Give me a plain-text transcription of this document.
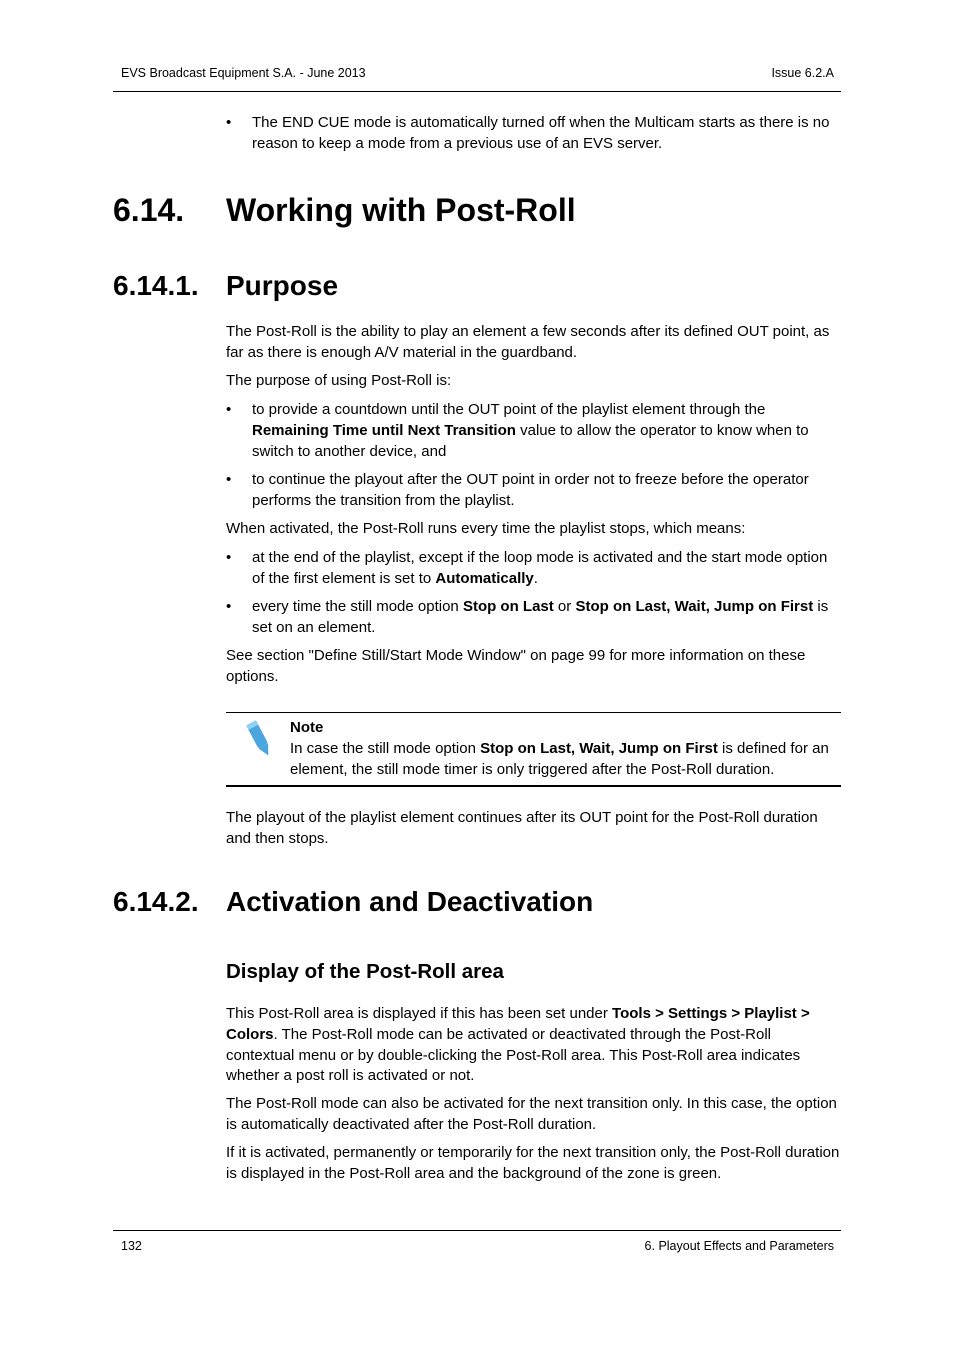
EVS Broadcast Equipment S.A. - June 2013	Issue 6.2.A
• The END CUE mode is automatically turned off when the Multicam starts as there is no reason to keep a mode from a previous use of an EVS server.
6.14. Working with Post-Roll
6.14.1. Purpose
The Post-Roll is the ability to play an element a few seconds after its defined OUT point, as far as there is enough A/V material in the guardband.
The purpose of using Post-Roll is:
• to provide a countdown until the OUT point of the playlist element through the Remaining Time until Next Transition value to allow the operator to know when to switch to another device, and
• to continue the playout after the OUT point in order not to freeze before the operator performs the transition from the playlist.
When activated, the Post-Roll runs every time the playlist stops, which means:
• at the end of the playlist, except if the loop mode is activated and the start mode option of the first element is set to Automatically.
• every time the still mode option Stop on Last or Stop on Last, Wait, Jump on First is set on an element.
See section "Define Still/Start Mode Window" on page 99 for more information on these options.
Note
In case the still mode option Stop on Last, Wait, Jump on First is defined for an element, the still mode timer is only triggered after the Post-Roll duration.
The playout of the playlist element continues after its OUT point for the Post-Roll duration and then stops.
6.14.2. Activation and Deactivation
Display of the Post-Roll area
This Post-Roll area is displayed if this has been set under Tools > Settings > Playlist > Colors. The Post-Roll mode can be activated or deactivated through the Post-Roll contextual menu or by double-clicking the Post-Roll area. This Post-Roll area indicates whether a post roll is activated or not.
The Post-Roll mode can also be activated for the next transition only. In this case, the option is automatically deactivated after the Post-Roll duration.
If it is activated, permanently or temporarily for the next transition only, the Post-Roll duration is displayed in the Post-Roll area and the background of the zone is green.
132	6. Playout Effects and Parameters
